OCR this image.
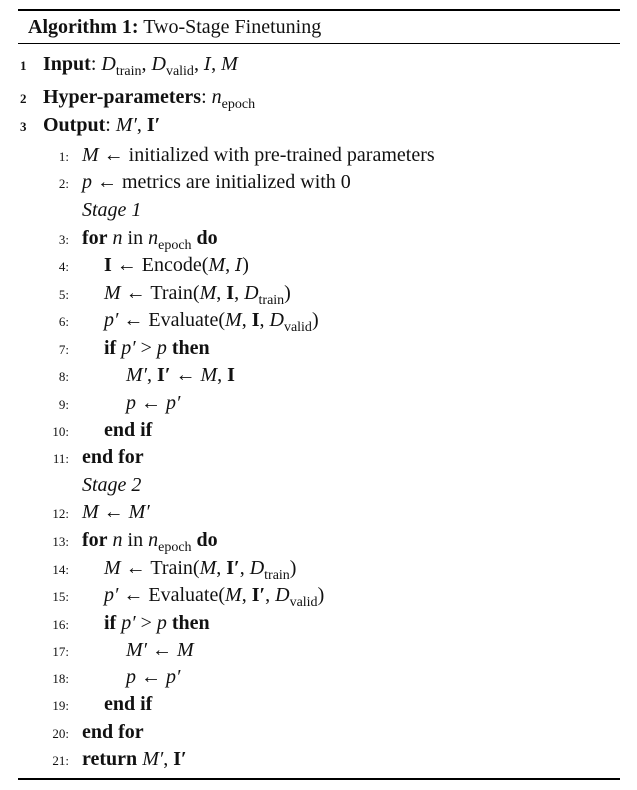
Algorithm 1: Two-Stage Finetuning
1 Input: $D_{train}$, $D_{valid}$, I, M
2 Hyper-parameters: $n_{epoch}$
3 Output: M′, I′
1: M ← initialized with pre-trained parameters
2: p ← metrics are initialized with 0
Stage 1
3: for n in $n_{epoch}$ do
4: I ← Encode(M, I)
5: M ← Train(M, I, $D_{train}$)
6: p′ ← Evaluate(M, I, $D_{valid}$)
7: if p′ > p then
8:	M′, I′ ← M, I
9:	p ← p′
10: end if
11: end for
Stage 2
12: M ← M′
13: for n in $n_{epoch}$ do
14: M ← Train(M, I′, $D_{train}$)
15: p′ ← Evaluate(M, I′, $D_{valid}$)
16: if p′ > p then
17:	M′ ← M
18:	p ← p′
19: end if
20: end for
21: return M′, I′
